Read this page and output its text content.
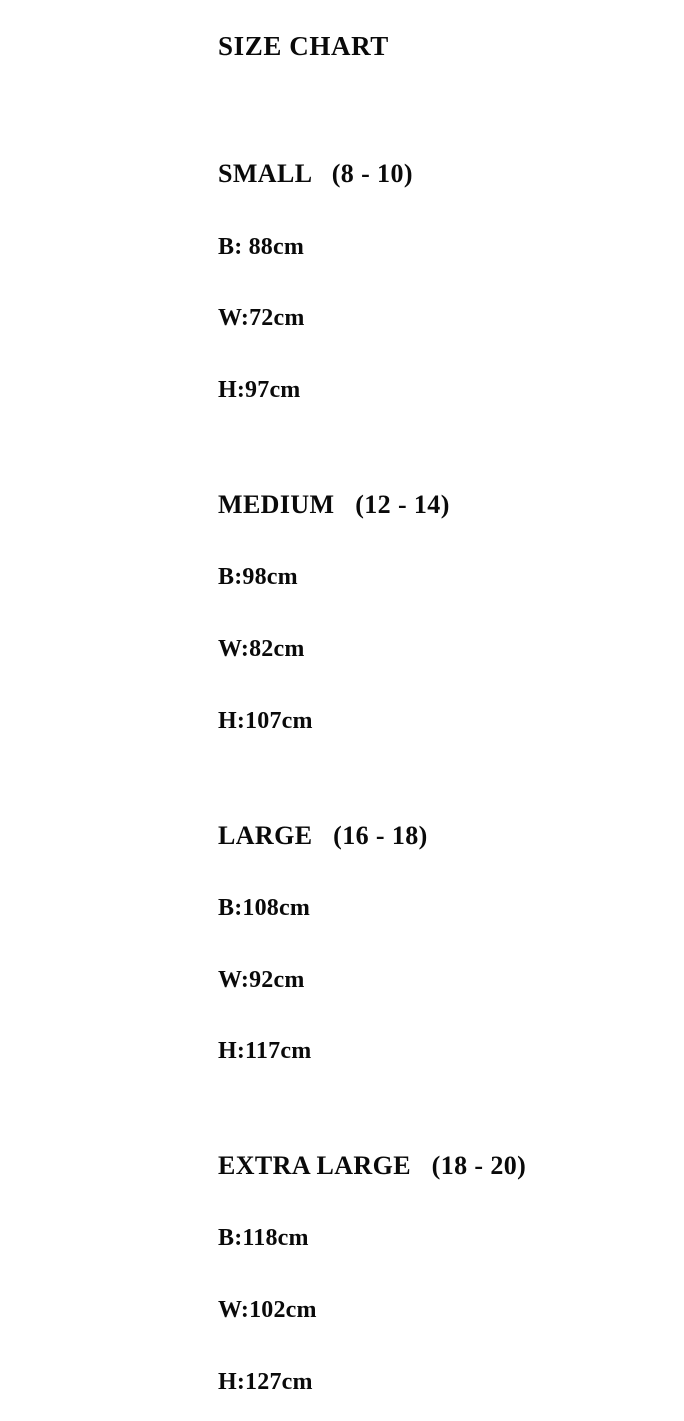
SIZE CHART
SMALL   (8 - 10)
B: 88cm
W:72cm
H:97cm
MEDIUM   (12 - 14)
B:98cm
W:82cm
H:107cm
LARGE   (16 - 18)
B:108cm
W:92cm
H:117cm
EXTRA LARGE   (18 - 20)
B:118cm
W:102cm
H:127cm
